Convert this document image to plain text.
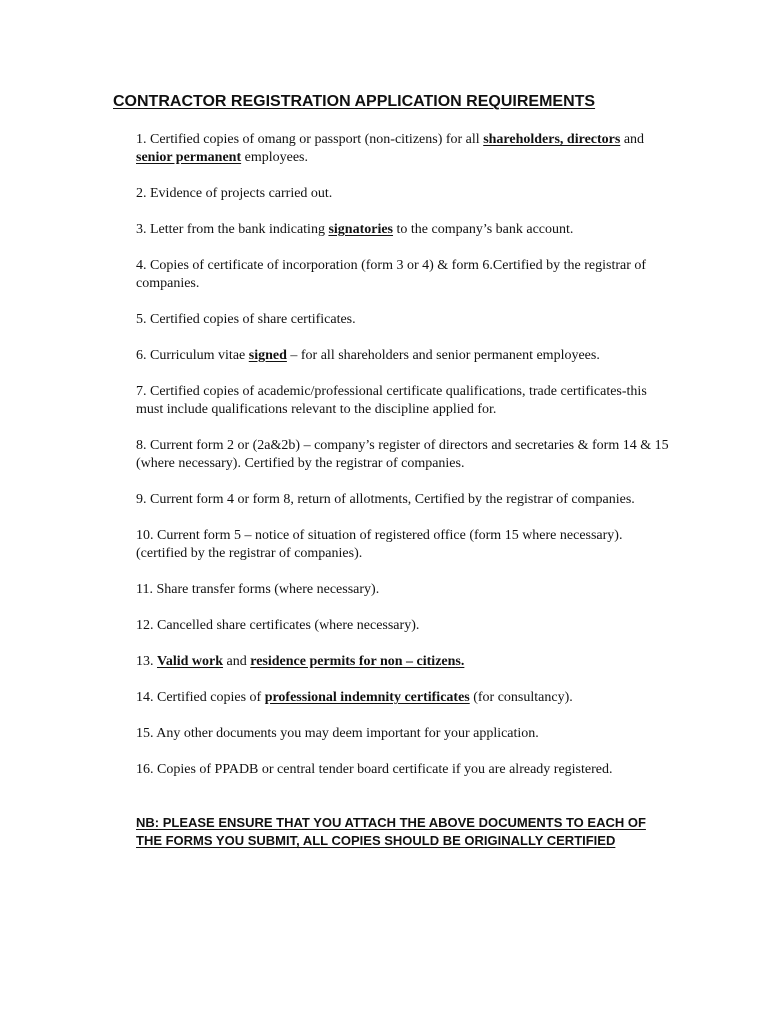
CONTRACTOR REGISTRATION APPLICATION REQUIREMENTS

1. Certified copies of omang or passport (non-citizens) for all shareholders, directors and senior permanent employees.

2. Evidence of projects carried out.

3. Letter from the bank indicating signatories to the company’s bank account.

4. Copies of certificate of incorporation (form 3 or 4) & form 6.Certified by the registrar of companies.

5. Certified copies of share certificates.

6. Curriculum vitae signed – for all shareholders and senior permanent employees.

7. Certified copies of academic/professional certificate qualifications, trade certificates-this must include qualifications relevant to the discipline applied for.

8. Current form 2 or (2a&2b) – company’s register of directors and secretaries & form 14 & 15 (where necessary). Certified by the registrar of companies.

9. Current form 4 or form 8, return of allotments, Certified by the registrar of companies.

10. Current form 5 – notice of situation of registered office (form 15 where necessary). (certified by the registrar of companies).

11. Share transfer forms (where necessary).

12. Cancelled share certificates (where necessary).

13. Valid work and residence permits for non – citizens.

14. Certified copies of professional indemnity certificates (for consultancy).

15. Any other documents you may deem important for your application.

16. Copies of PPADB or central tender board certificate if you are already registered.

NB: PLEASE ENSURE THAT YOU ATTACH THE ABOVE DOCUMENTS TO EACH OF THE FORMS YOU SUBMIT, ALL COPIES SHOULD BE ORIGINALLY CERTIFIED
